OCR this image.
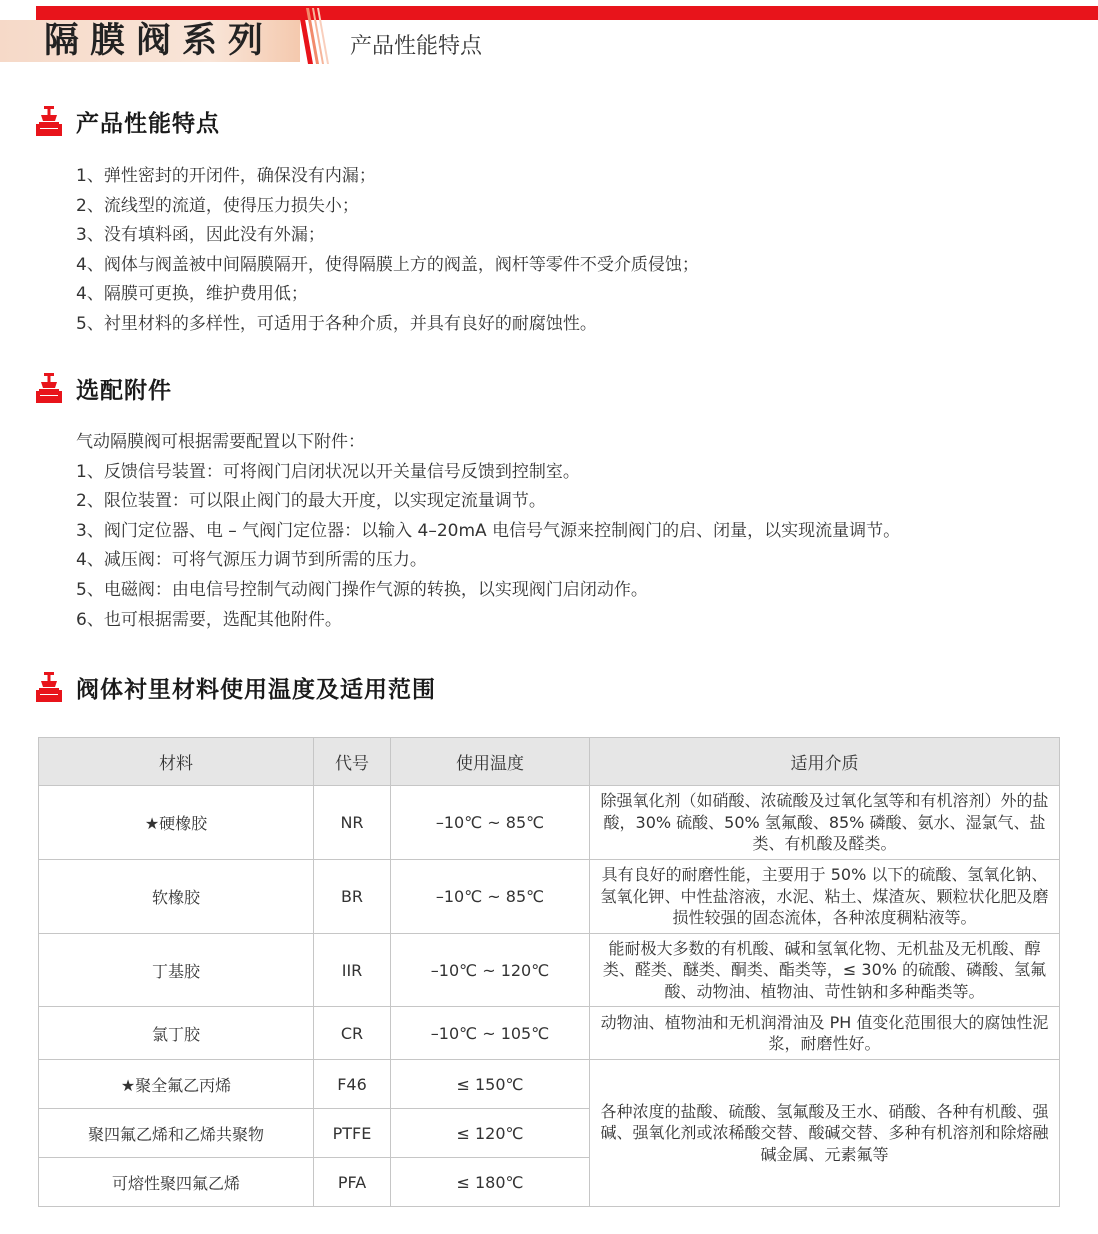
隔膜阀系列	产品性能特点
产品性能特点
1、弹性密封的开闭件，确保没有内漏；
2、流线型的流道，使得压力损失小；
3、没有填料函，因此没有外漏；
4、阀体与阀盖被中间隔膜隔开，使得隔膜上方的阀盖，阀杆等零件不受介质侵蚀；
4、隔膜可更换，维护费用低；
5、衬里材料的多样性，可适用于各种介质，并具有良好的耐腐蚀性。
选配附件
气动隔膜阀可根据需要配置以下附件：
1、反馈信号装置：可将阀门启闭状况以开关量信号反馈到控制室。
2、限位装置：可以限止阀门的最大开度，以实现定流量调节。
3、阀门定位器、电 – 气阀门定位器：以输入 4–20mA 电信号气源来控制阀门的启、闭量，以实现流量调节。
4、减压阀：可将气源压力调节到所需的压力。
5、电磁阀：由电信号控制气动阀门操作气源的转换，以实现阀门启闭动作。
6、也可根据需要，选配其他附件。
阀体衬里材料使用温度及适用范围
材料	代号	使用温度	适用介质
★硬橡胶	NR	–10℃ ~ 85℃	除强氧化剂（如硝酸、浓硫酸及过氧化氢等和有机溶剂）外的盐酸，30% 硫酸、50% 氢氟酸、85% 磷酸、氨水、湿氯气、盐类、有机酸及醛类。
软橡胶	BR	–10℃ ~ 85℃	具有良好的耐磨性能，主要用于 50% 以下的硫酸、氢氧化钠、氢氧化钾、中性盐溶液，水泥、粘土、煤渣灰、颗粒状化肥及磨损性较强的固态流体，各种浓度稠粘液等。
丁基胶	IIR	–10℃ ~ 120℃	能耐极大多数的有机酸、碱和氢氧化物、无机盐及无机酸、醇类、醛类、醚类、酮类、酯类等，≤ 30% 的硫酸、磷酸、氢氟酸、动物油、植物油、苛性钠和多种酯类等。
氯丁胶	CR	–10℃ ~ 105℃	动物油、植物油和无机润滑油及 PH 值变化范围很大的腐蚀性泥浆，耐磨性好。
★聚全氟乙丙烯	F46	≤ 150℃	各种浓度的盐酸、硫酸、氢氟酸及王水、硝酸、各种有机酸、强碱、强氧化剂或浓稀酸交替、酸碱交替、多种有机溶剂和除熔融碱金属、元素氟等
聚四氟乙烯和乙烯共聚物	PTFE	≤ 120℃	
可熔性聚四氟乙烯	PFA	≤ 180℃	
